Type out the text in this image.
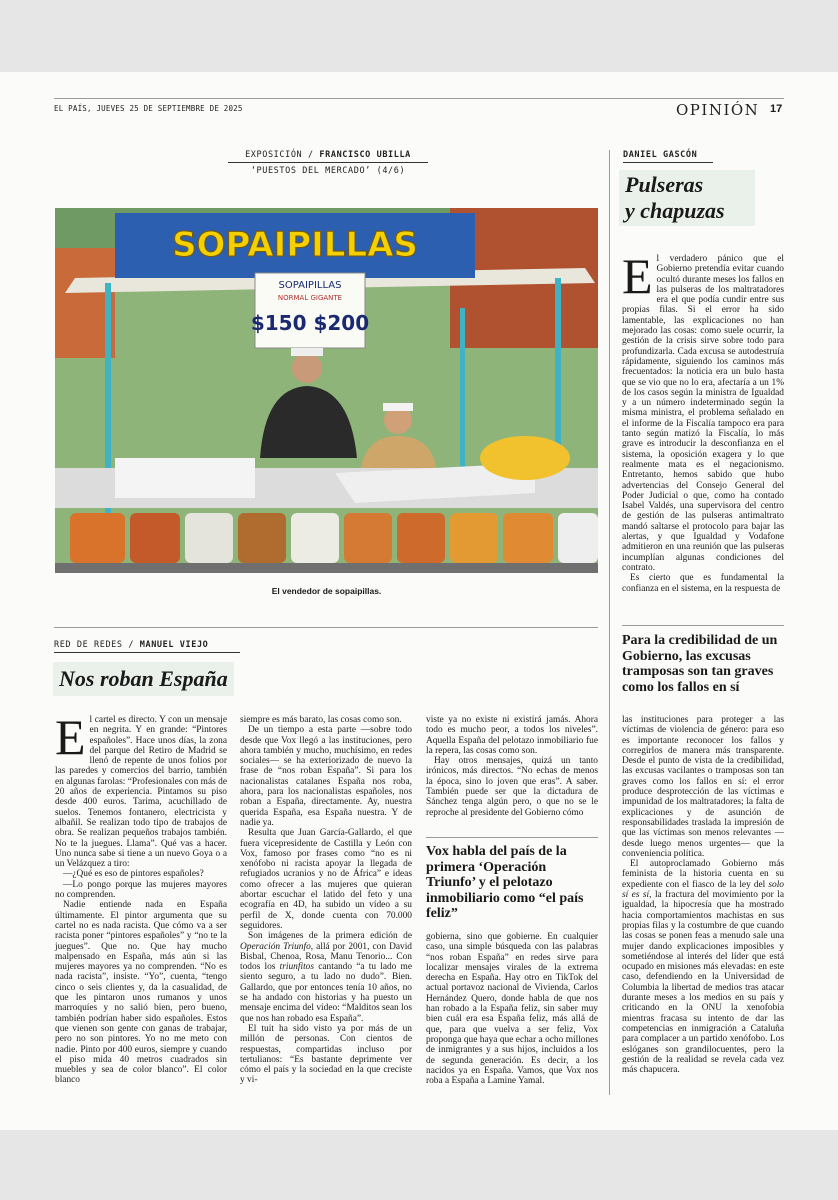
EL PAÍS, JUEVES 25 DE SEPTIEMBRE DE 2025	OPINIÓN 17
EXPOSICIÓN / FRANCISCO UBILLA
‘PUESTOS DEL MERCADO’ (4/6)
SOPAIPILLAS
SOPAIPILLAS
NORMAL GIGANTE
$150 $200
El vendedor de sopaipillas.
DANIEL GASCÓN
Pulseras
y chapuzas

El verdadero pánico que el Gobierno pretendía evitar cuando ocultó durante meses los fallos en las pulseras de los maltratadores era el que podía cundir entre sus propias filas. Si el error ha sido lamentable, las explicaciones no han mejorado las cosas: como suele ocurrir, la gestión de la crisis sirve sobre todo para profundizarla. Cada excusa se autodestruía rápidamente, siguiendo los caminos más frecuentados: la noticia era un bulo hasta que se vio que no lo era, afectaría a un 1% de los casos según la ministra de Igualdad y a un número indeterminado según la misma ministra, el problema señalado en el informe de la Fiscalía tampoco era para tanto según matizó la Fiscalía, lo más grave es introducir la desconfianza en el sistema, la oposición exagera y lo que realmente mata es el negacionismo. Entretanto, hemos sabido que hubo advertencias del Consejo General del Poder Judicial o que, como ha contado Isabel Valdés, una supervisora del centro de gestión de las pulseras antimaltrato mandó saltarse el protocolo para bajar las alertas, y que Igualdad y Vodafone admitieron en una reunión que las pulseras incumplían algunas condiciones del contrato.

Es cierto que es fundamental la confianza en el sistema, en la respuesta de

Para la credibilidad de un Gobierno, las excusas tramposas son tan graves como los fallos en sí

las instituciones para proteger a las víctimas de violencia de género: para eso es importante reconocer los fallos y corregirlos de manera más transparente. Desde el punto de vista de la credibilidad, las excusas vacilantes o tramposas son tan graves como los fallos en sí: el error produce desprotección de las víctimas e impunidad de los maltratadores; la falta de explicaciones y de asunción de responsabilidades traslada la impresión de que las víctimas son menos relevantes —desde luego menos urgentes— que la conveniencia política.

El autoproclamado Gobierno más feminista de la historia cuenta en su expediente con el fiasco de la ley del solo sí es sí, la fractura del movimiento por la igualdad, la hipocresía que ha mostrado hacia comportamientos machistas en sus propias filas y la costumbre de que cuando las cosas se ponen feas a menudo sale una mujer dando explicaciones imposibles y sometiéndose al interés del líder que está ocupado en misiones más elevadas: en este caso, defendiendo en la Universidad de Columbia la libertad de medios tras atacar durante meses a los medios en su país y criticando en la ONU la xenofobia mientras fracasa su intento de dar las competencias en inmigración a Cataluña para complacer a un partido xenófobo. Los eslóganes son grandilocuentes, pero la gestión de la realidad se revela cada vez más chapucera.

RED DE REDES / MANUEL VIEJO
Nos roban España

El cartel es directo. Y con un mensaje en negrita. Y en grande: “Pintores españoles”. Hace unos días, la zona del parque del Retiro de Madrid se llenó de repente de unos folios por las paredes y comercios del barrio, también en algunas farolas: “Profesionales con más de 20 años de experiencia. Pintamos su piso desde 400 euros. Tarima, acuchillado de suelos. Tenemos fontanero, electricista y albañil. Se realizan todo tipo de trabajos de obra. Se realizan pequeños trabajos también. No te la juegues. Llama”. Qué vas a hacer. Uno nunca sabe si tiene a un nuevo Goya o a un Velázquez a tiro:

—¿Qué es eso de pintores españoles?

—Lo pongo porque las mujeres mayores no comprenden.

Nadie entiende nada en España últimamente. El pintor argumenta que su cartel no es nada racista. Que cómo va a ser racista poner “pintores españoles” y “no te la juegues”. Que no. Que hay mucho malpensado en España, más aún si las mujeres mayores ya no comprenden. “No es nada racista”, insiste. “Yo”, cuenta, “tengo cinco o seis clientes y, da la casualidad, de que les pintaron unos rumanos y unos marroquíes y no salió bien, pero bueno, también podrían haber sido españoles. Estos que vienen son gente con ganas de trabajar, pero no son pintores. Yo no me meto con nadie. Pinto por 400 euros, siempre y cuando el piso mida 40 metros cuadrados sin muebles y sea de color blanco”. El color blanco

siempre es más barato, las cosas como son.

De un tiempo a esta parte —sobre todo desde que Vox llegó a las instituciones, pero ahora también y mucho, muchísimo, en redes sociales— se ha exteriorizado de nuevo la frase de “nos roban España”. Si para los nacionalistas catalanes España nos roba, ahora, para los nacionalistas españoles, nos roban a España, directamente. Ay, nuestra querida España, esa España nuestra. Y de nadie ya.

Resulta que Juan García-Gallardo, el que fuera vicepresidente de Castilla y León con Vox, famoso por frases como “no es ni xenófobo ni racista apoyar la llegada de refugiados ucranios y no de África” e ideas como ofrecer a las mujeres que quieran abortar escuchar el latido del feto y una ecografía en 4D, ha subido un vídeo a su perfil de X, donde cuenta con 70.000 seguidores.

Son imágenes de la primera edición de Operación Triunfo, allá por 2001, con David Bisbal, Chenoa, Rosa, Manu Tenorio... Con todos los triunfitos cantando “a tu lado me siento seguro, a tu lado no dudo”. Bien. Gallardo, que por entonces tenía 10 años, no se ha andado con historias y ha puesto un mensaje encima del vídeo: “Malditos sean los que nos han robado esa España”.

El tuit ha sido visto ya por más de un millón de personas. Con cientos de respuestas, compartidas incluso por tertulianos: “Es bastante deprimente ver cómo el país y la sociedad en la que creciste y vi-

viste ya no existe ni existirá jamás. Ahora todo es mucho peor, a todos los niveles”. Aquella España del pelotazo inmobiliario fue la repera, las cosas como son.

Hay otros mensajes, quizá un tanto irónicos, más directos. “No echas de menos la época, sino lo joven que eras”. A saber. También puede ser que la dictadura de Sánchez tenga algún pero, o que no se le reproche al presidente del Gobierno cómo

Vox habla del país de la primera ‘Operación Triunfo’ y el pelotazo inmobiliario como “el país feliz”

gobierna, sino que gobierne. En cualquier caso, una simple búsqueda con las palabras “nos roban España” en redes sirve para localizar mensajes virales de la extrema derecha en España. Hay otro en TikTok del actual portavoz nacional de Vivienda, Carlos Hernández Quero, donde habla de que nos han robado a la España feliz, sin saber muy bien cuál era esa España feliz, más allá de que, para que vuelva a ser feliz, Vox proponga que haya que echar a ocho millones de inmigrantes y a sus hijos, incluidos a los de segunda generación. Es decir, a los nacidos ya en España. Vamos, que Vox nos roba a España a Lamine Yamal.
